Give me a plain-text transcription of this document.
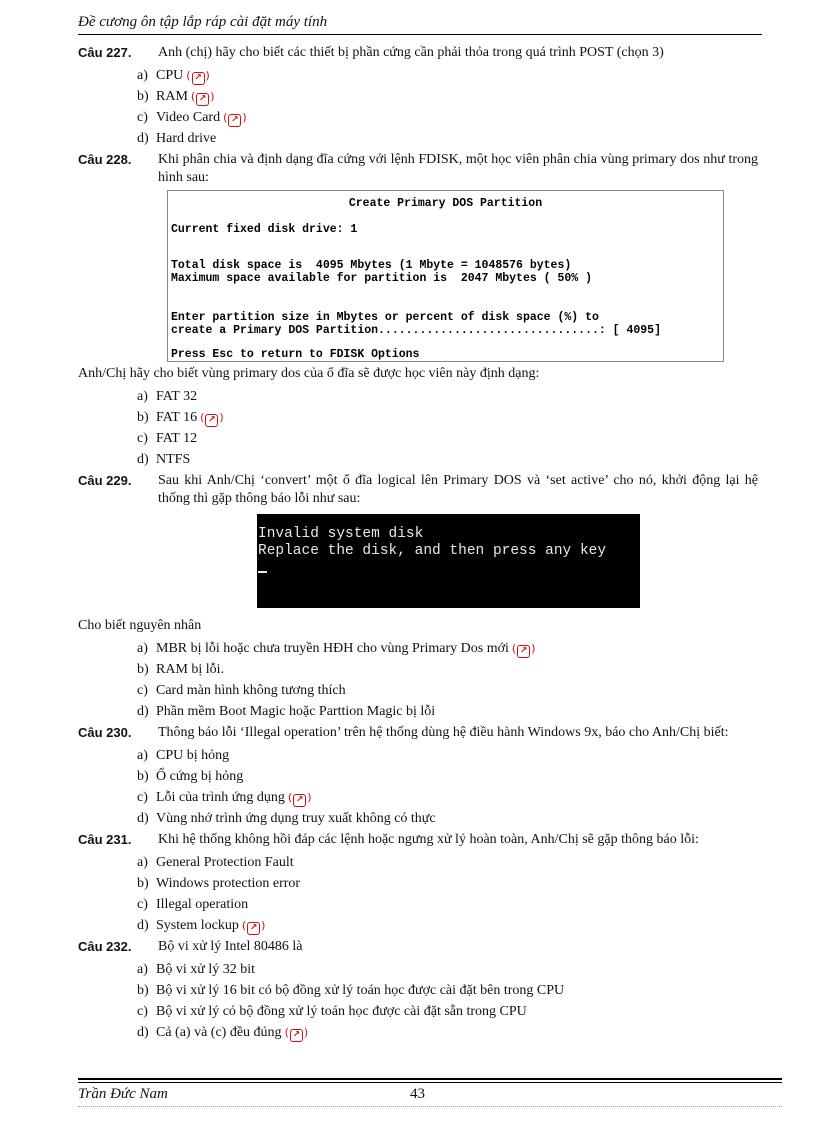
Đề cương ôn tập lắp ráp cài đặt máy tính
Câu 227.	Anh (chị) hãy cho biết các thiết bị phần cứng cần phải thỏa trong quá trình POST (chọn 3)
a) CPU ( ↗ )
b) RAM ( ↗ )
c) Video Card ( ↗ )
d) Hard drive
Câu 228.	Khi phân chia và định dạng đĩa cứng với lệnh FDISK, một học viên phân chia vùng primary dos như trong hình sau:
Create Primary DOS Partition
Current fixed disk drive: 1
Total disk space is  4095 Mbytes (1 Mbyte = 1048576 bytes)
Maximum space available for partition is  2047 Mbytes ( 50% )
Enter partition size in Mbytes or percent of disk space (%) to
create a Primary DOS Partition................................: [ 4095]
Press Esc to return to FDISK Options
Anh/Chị hãy cho biết vùng primary dos của ổ đĩa sẽ được học viên này định dạng:
a) FAT 32
b) FAT 16 ( ↗ )
c) FAT 12
d) NTFS
Câu 229.	Sau khi Anh/Chị ‘convert’ một ổ đĩa logical lên Primary DOS và ‘set active’ cho nó, khởi động lại hệ thống thì gặp thông báo lỗi như sau:
Invalid system disk
Replace the disk, and then press any key
Cho biết nguyên nhân
a) MBR bị lỗi hoặc chưa truyền HĐH cho vùng Primary Dos mới ( ↗ )
b) RAM bị lỗi.
c) Card màn hình không tương thích
d) Phần mềm Boot Magic hoặc Parttion Magic bị lỗi
Câu 230.	Thông báo lỗi ‘Illegal operation’ trên hệ thống dùng hệ điều hành Windows 9x, báo cho Anh/Chị biết:
a) CPU bị hỏng
b) Ổ cứng bị hỏng
c) Lỗi của trình ứng dụng ( ↗ )
d) Vùng nhớ trình ứng dụng truy xuất không có thực
Câu 231.	Khi hệ thống không hồi đáp các lệnh hoặc ngưng xử lý hoàn toàn, Anh/Chị sẽ gặp thông báo lỗi:
a) General Protection Fault
b) Windows protection error
c) Illegal operation
d) System lockup ( ↗ )
Câu 232.	Bộ vi xử lý Intel 80486 là
a) Bộ vi xử lý 32 bit
b) Bộ vi xử lý 16 bit có bộ đồng xử lý toán học được cài đặt bên trong CPU
c) Bộ vi xử lý có bộ đồng xử lý toán học được cài đặt sẵn trong CPU
d) Cả (a) và (c) đều đúng ( ↗ )
Trần Đức Nam	43
